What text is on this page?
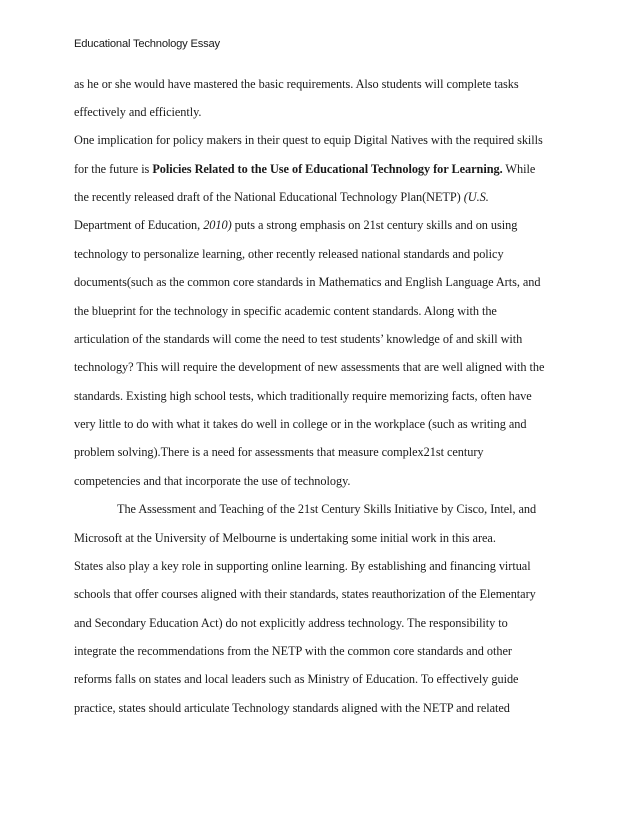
Educational Technology Essay
as he or she would have mastered the basic requirements. Also students will complete tasks
effectively and efficiently.
One implication for policy makers in their quest to equip Digital Natives with the required skills
for the future is Policies Related to the Use of Educational Technology for Learning. While
the recently released draft of the National Educational Technology Plan(NETP) (U.S.
Department of Education, 2010) puts a strong emphasis on 21st century skills and on using
technology to personalize learning, other recently released national standards and policy
documents(such as the common core standards in Mathematics and English Language Arts, and
the blueprint for the technology in specific academic content standards. Along with the
articulation of the standards will come the need to test students’ knowledge of and skill with
technology? This will require the development of new assessments that are well aligned with the
standards. Existing high school tests, which traditionally require memorizing facts, often have
very little to do with what it takes do well in college or in the workplace (such as writing and
problem solving).There is a need for assessments that measure complex21st century
competencies and that incorporate the use of technology.
The Assessment and Teaching of the 21st Century Skills Initiative by Cisco, Intel, and
Microsoft at the University of Melbourne is undertaking some initial work in this area.
States also play a key role in supporting online learning. By establishing and financing virtual
schools that offer courses aligned with their standards, states reauthorization of the Elementary
and Secondary Education Act) do not explicitly address technology. The responsibility to
integrate the recommendations from the NETP with the common core standards and other
reforms falls on states and local leaders such as Ministry of Education. To effectively guide
practice, states should articulate Technology standards aligned with the NETP and related
